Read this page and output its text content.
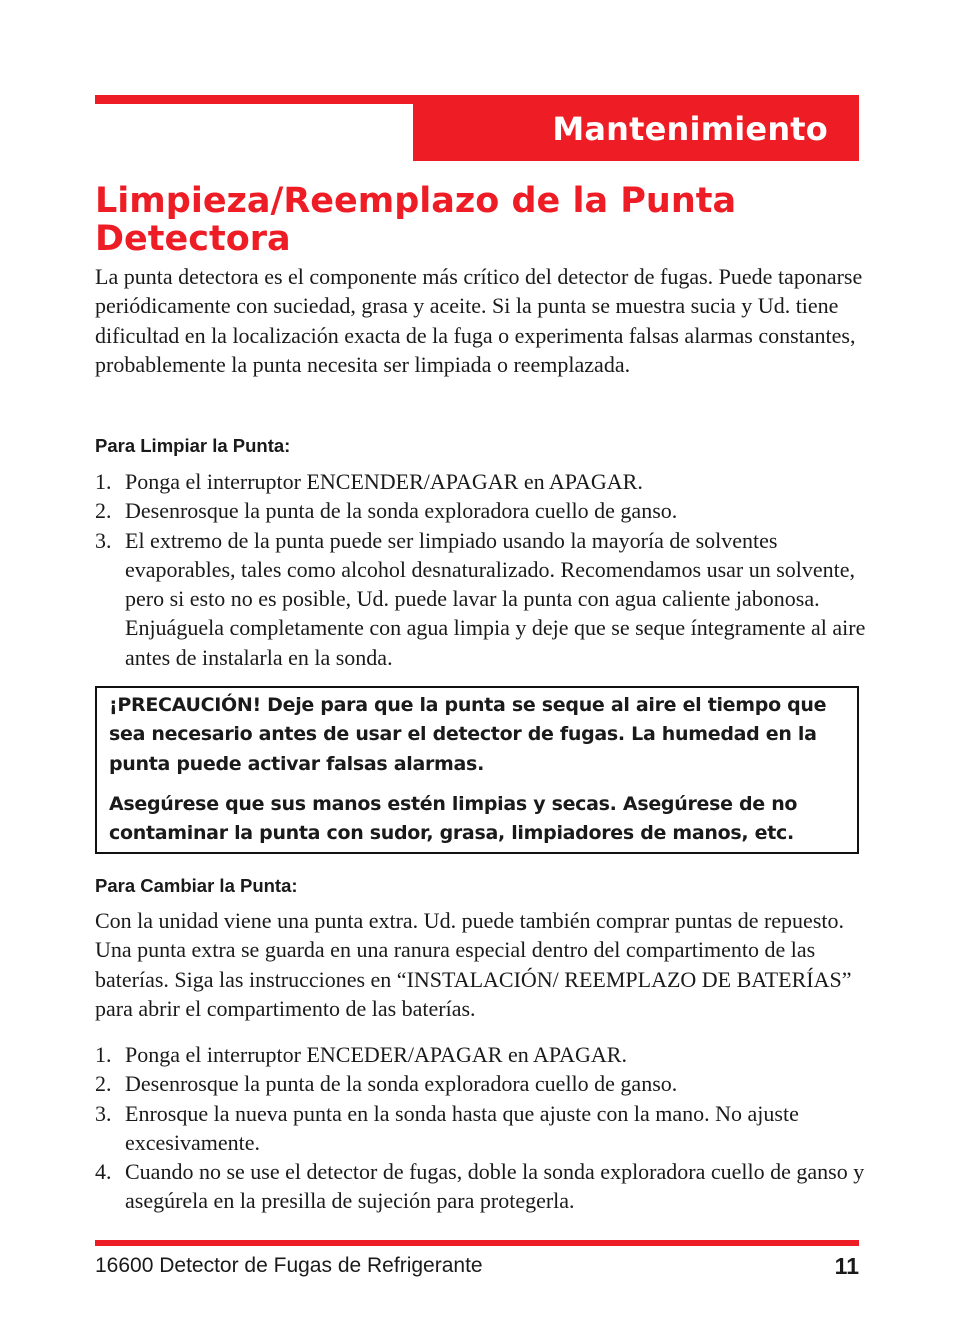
Mantenimiento
Limpieza/Reemplazo de la Punta Detectora

La punta detectora es el componente más crítico del detector de fugas. Puede taponarse periódicamente con suciedad, grasa y aceite. Si la punta se muestra sucia y Ud. tiene dificultad en la localización exacta de la fuga o experimenta falsas alarmas constantes, probablemente la punta necesita ser limpiada o reemplazada.

Para Limpiar la Punta:
1. Ponga el interruptor ENCENDER/APAGAR en APAGAR.
2. Desenrosque la punta de la sonda exploradora cuello de ganso.
3. El extremo de la punta puede ser limpiado usando la mayoría de solventes evaporables, tales como alcohol desnaturalizado. Recomendamos usar un solvente, pero si esto no es posible, Ud. puede lavar la punta con agua caliente jabonosa. Enjuáguela completamente con agua limpia y deje que se seque íntegramente al aire antes de instalarla en la sonda.

¡PRECAUCIÓN! Deje para que la punta se seque al aire el tiempo que sea necesario antes de usar el detector de fugas. La humedad en la punta puede activar falsas alarmas.

Asegúrese que sus manos estén limpias y secas. Asegúrese de no contaminar la punta con sudor, grasa, limpiadores de manos, etc.

Para Cambiar la Punta:

Con la unidad viene una punta extra. Ud. puede también comprar puntas de repuesto. Una punta extra se guarda en una ranura especial dentro del compartimento de las baterías. Siga las instrucciones en “INSTALACIÓN/ REEMPLAZO DE BATERÍAS” para abrir el compartimento de las baterías.

1. Ponga el interruptor ENCEDER/APAGAR en APAGAR.
2. Desenrosque la punta de la sonda exploradora cuello de ganso.
3. Enrosque la nueva punta en la sonda hasta que ajuste con la mano. No ajuste excesivamente.
4. Cuando no se use el detector de fugas, doble la sonda exploradora cuello de ganso y asegúrela en la presilla de sujeción para protegerla.
16600 Detector de Fugas de Refrigerante	11
